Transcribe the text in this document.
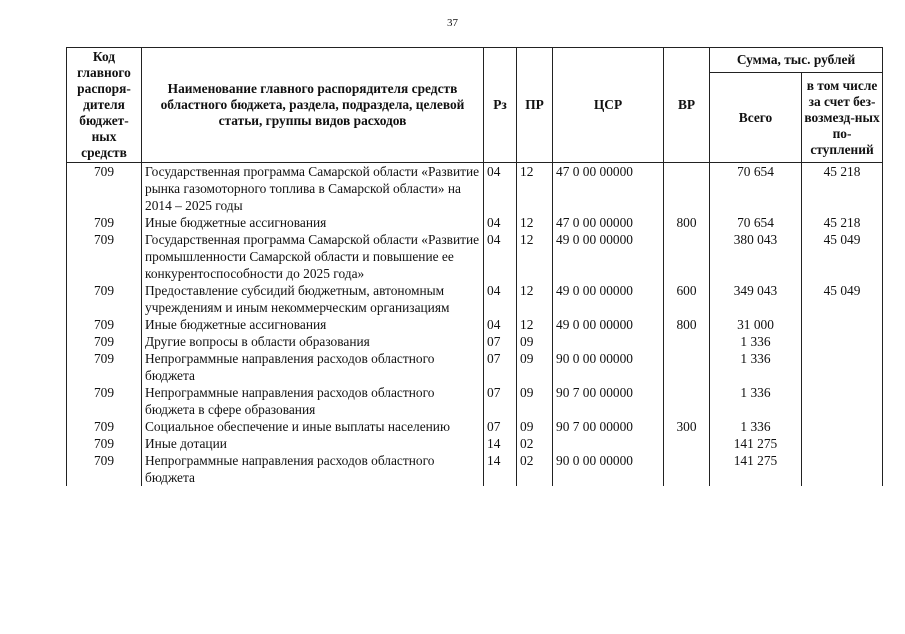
37
Код главного распоря-дителя бюджет-ных средств	Наименование главного распорядителя средств областного бюджета, раздела, подраздела, целевой статьи, группы видов расходов	Рз	ПР	ЦСР	ВР	Сумма, тыс. рублей	
						Всего	в том числе за счет без-возмезд-ных по-ступлений
709	Государственная программа Самарской области «Развитие рынка газомоторного топлива в Самарской области» на 2014 – 2025 годы	04	12	47 0 00 00000		70 654	45 218
709	Иные бюджетные ассигнования	04	12	47 0 00 00000	800	70 654	45 218
709	Государственная программа Самарской области «Развитие промышленности Самарской области и повышение ее конкурентоспособности до 2025 года»	04	12	49 0 00 00000		380 043	45 049
709	Предоставление субсидий бюджетным, автономным учреждениям и иным некоммерческим организациям	04	12	49 0 00 00000	600	349 043	45 049
709	Иные бюджетные ассигнования	04	12	49 0 00 00000	800	31 000	
709	Другие вопросы в области образования	07	09			1 336	
709	Непрограммные направления расходов областного бюджета	07	09	90 0 00 00000		1 336	
709	Непрограммные направления расходов областного бюджета в сфере образования	07	09	90 7 00 00000		1 336	
709	Социальное обеспечение и иные выплаты населению	07	09	90 7 00 00000	300	1 336	
709	Иные дотации	14	02			141 275	
709	Непрограммные направления расходов областного бюджета	14	02	90 0 00 00000		141 275	
